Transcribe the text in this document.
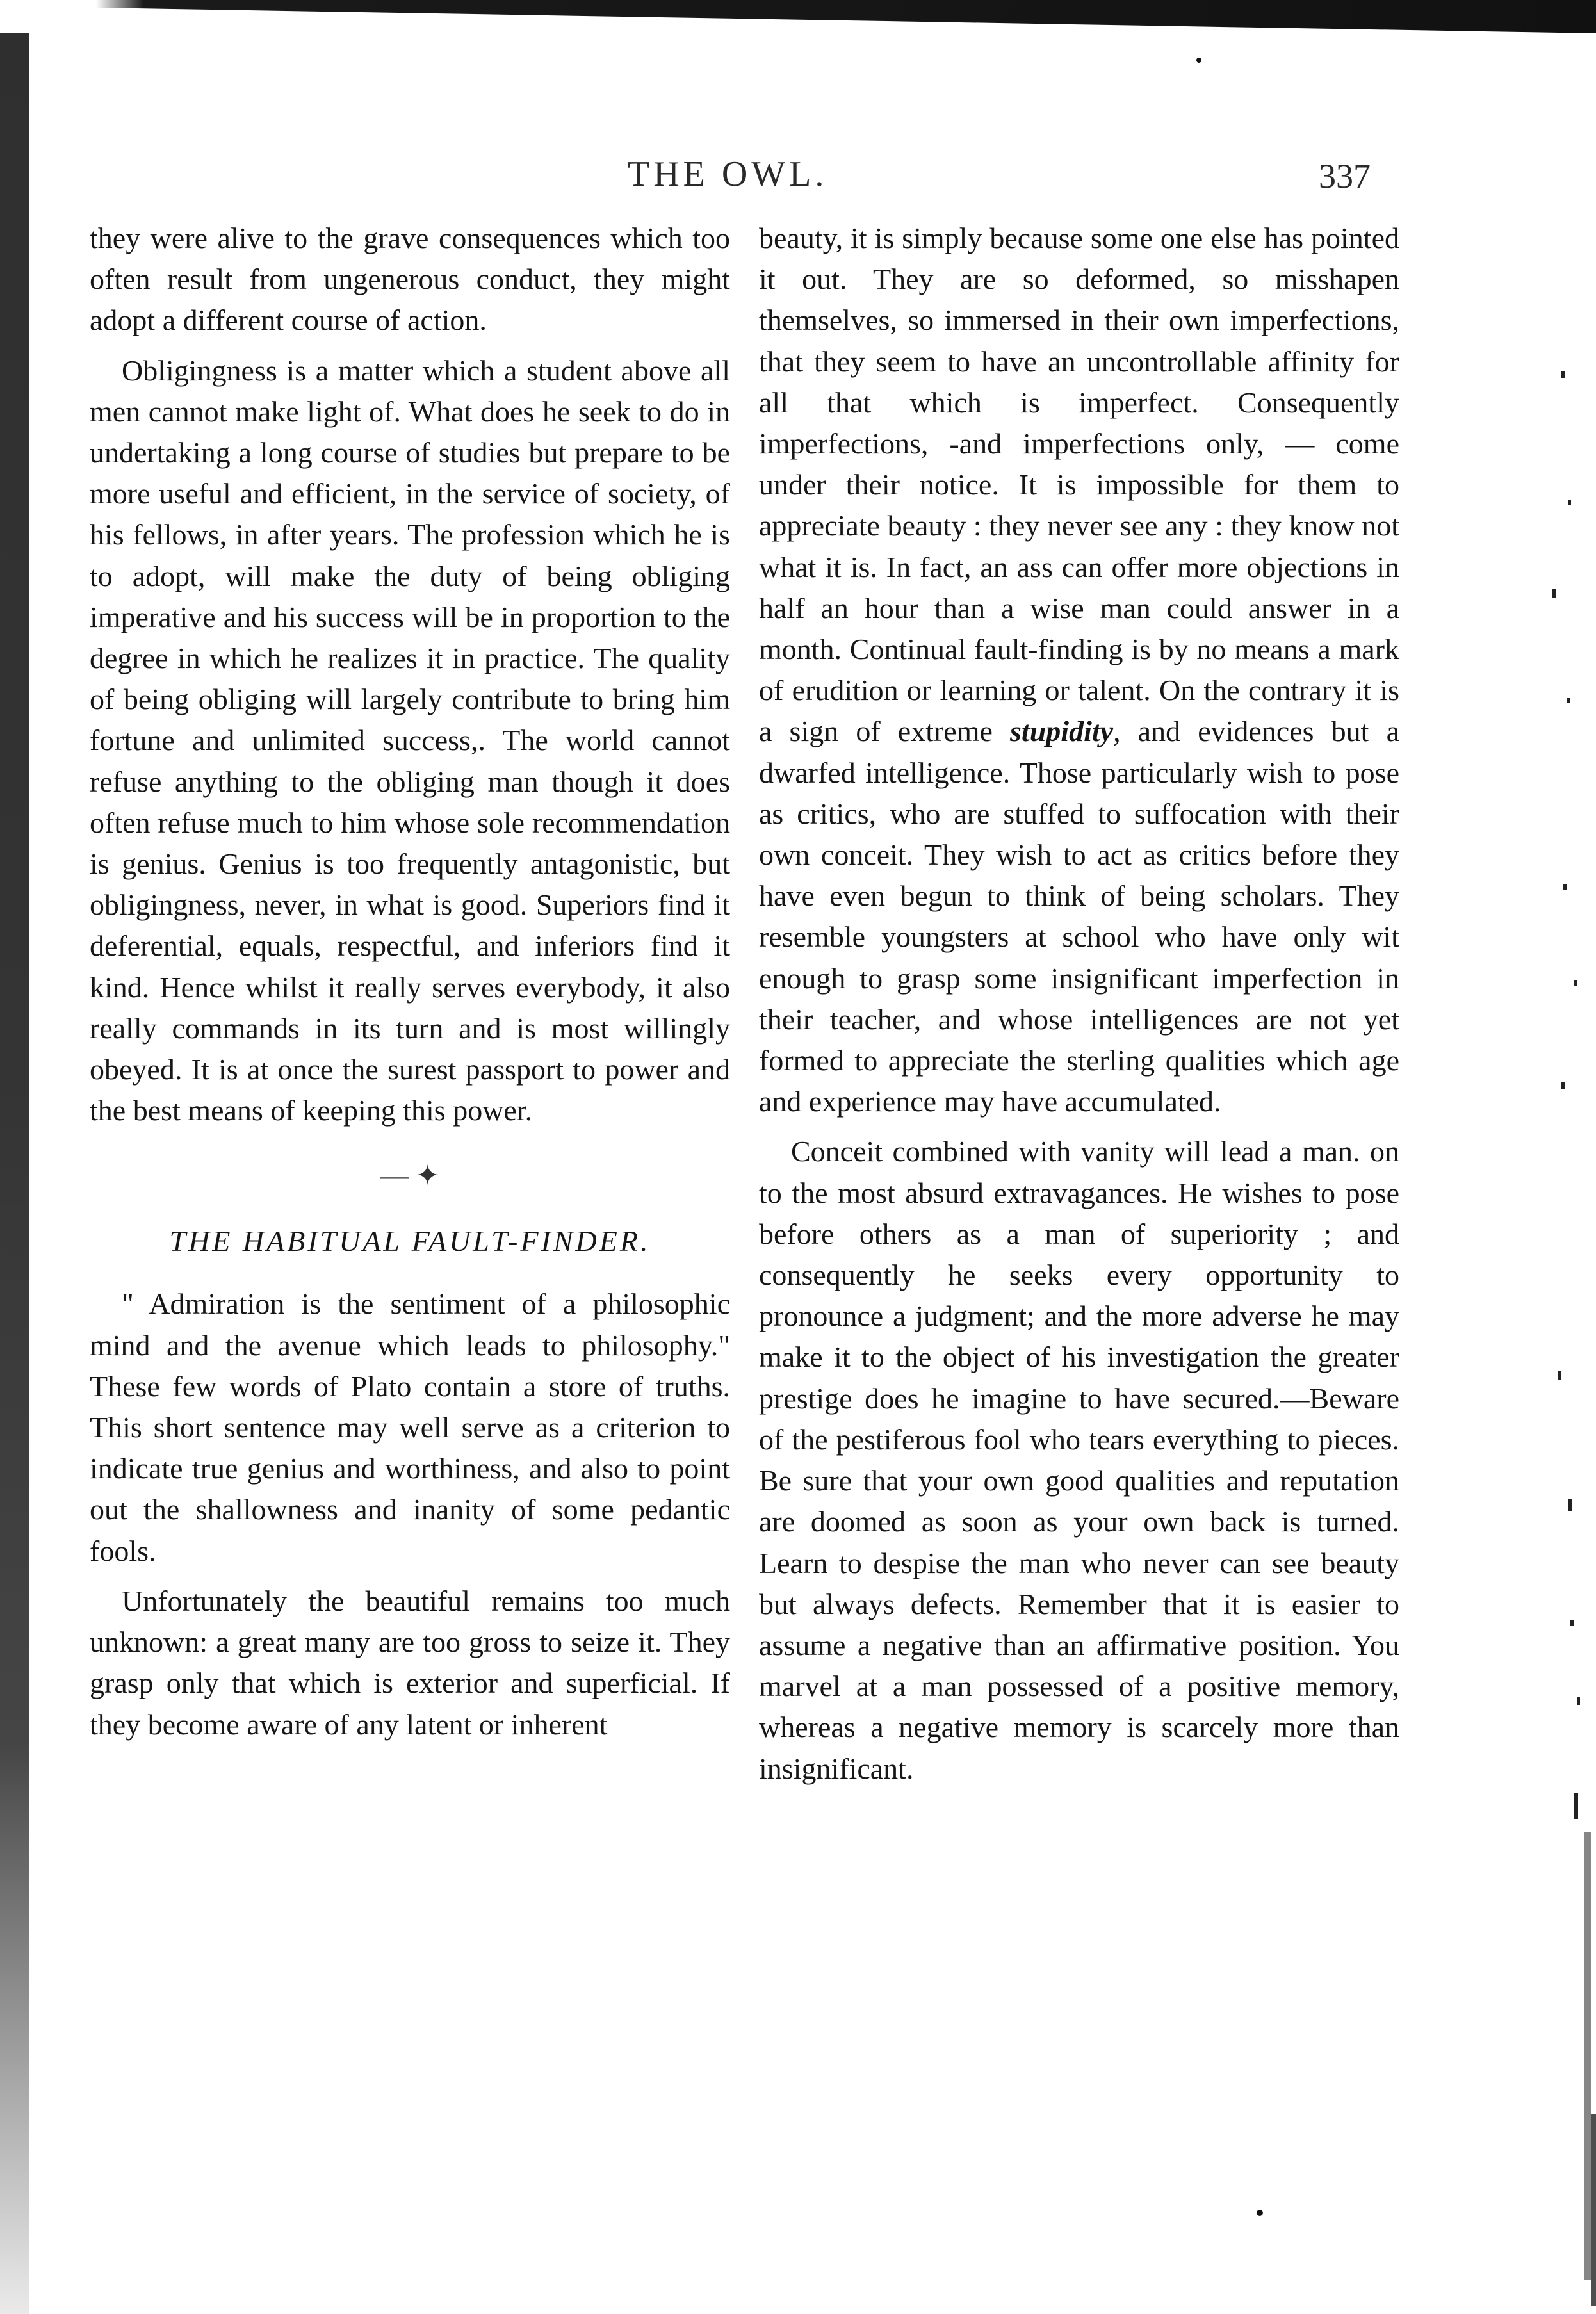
THE OWL.	337

they were alive to the grave consequences which too often result from ungenerous conduct, they might adopt a different course of action.

Obligingness is a matter which a student above all men cannot make light of. What does he seek to do in undertaking a long course of studies but prepare to be more useful and efficient, in the service of society, of his fellows, in after years. The profession which he is to adopt, will make the duty of being obliging imperative and his success will be in proportion to the degree in which he realizes it in practice. The quality of being obliging will largely contribute to bring him fortune and unlimited success,. The world cannot refuse anything to the obliging man though it does often refuse much to him whose sole recommendation is genius. Genius is too frequently antagonistic, but obligingness, never, in what is good. Superiors find it deferential, equals, respectful, and inferiors find it kind. Hence whilst it really serves everybody, it also really commands in its turn and is most willingly obeyed. It is at once the surest passport to power and the best means of keeping this power.

— ✦
THE HABITUAL FAULT-FINDER.

" Admiration is the sentiment of a philosophic mind and the avenue which leads to philosophy." These few words of Plato contain a store of truths. This short sentence may well serve as a criterion to indicate true genius and worthiness, and also to point out the shallowness and inanity of some pedantic fools.

Unfortunately the beautiful remains too much unknown: a great many are too gross to seize it. They grasp only that which is exterior and superficial. If they become aware of any latent or inherent

beauty, it is simply because some one else has pointed it out. They are so deformed, so misshapen themselves, so immersed in their own imperfections, that they seem to have an uncontrollable affinity for all that which is imperfect. Consequently imperfections, -and imperfections only, — come under their notice. It is impossible for them to appreciate beauty : they never see any : they know not what it is. In fact, an ass can offer more objections in half an hour than a wise man could answer in a month. Continual fault-finding is by no means a mark of erudition or learning or talent. On the contrary it is a sign of extreme stupidity, and evidences but a dwarfed intelligence. Those particularly wish to pose as critics, who are stuffed to suffocation with their own conceit. They wish to act as critics before they have even begun to think of being scholars. They resemble youngsters at school who have only wit enough to grasp some insignificant imperfection in their teacher, and whose intelligences are not yet formed to appreciate the sterling qualities which age and experience may have accumulated.

Conceit combined with vanity will lead a man. on to the most absurd extravagances. He wishes to pose before others as a man of superiority ; and consequently he seeks every opportunity to pronounce a judgment; and the more adverse he may make it to the object of his investigation the greater prestige does he imagine to have secured.—Beware of the pestiferous fool who tears everything to pieces. Be sure that your own good qualities and reputation are doomed as soon as your own back is turned. Learn to despise the man who never can see beauty but always defects. Remember that it is easier to assume a negative than an affirmative position. You marvel at a man possessed of a positive memory, whereas a negative memory is scarcely more than insignificant.
